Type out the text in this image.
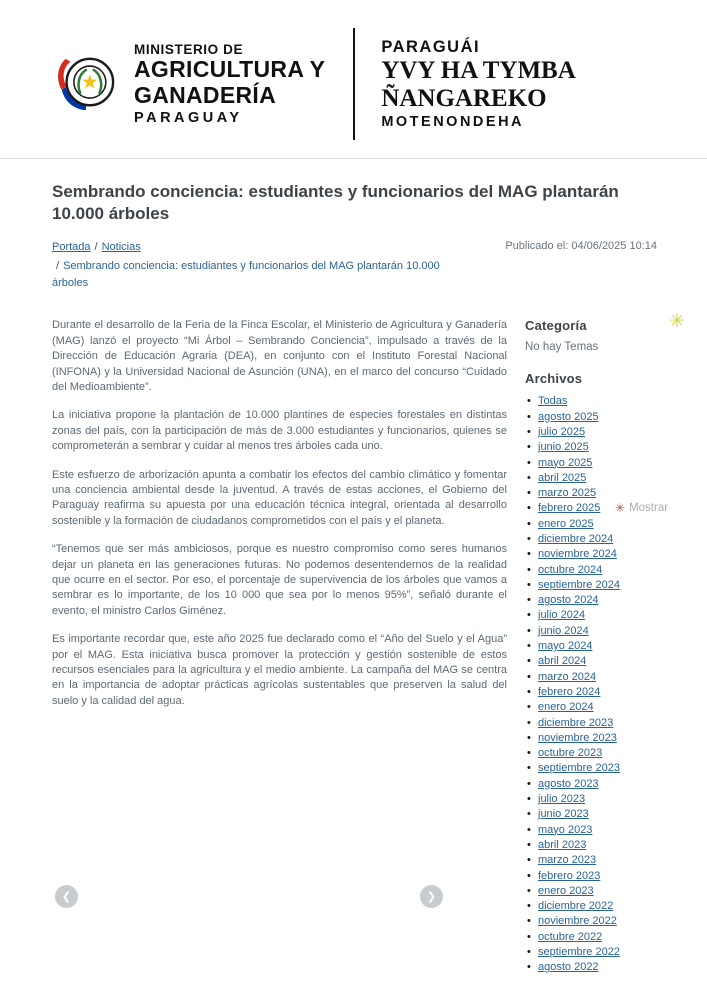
MINISTERIO DE
AGRICULTURA Y
GANADERÍA
PARAGUAY
PARAGUÁI
YVY HA TYMBA
ÑANGAREKO
MOTENONDEHA
Sembrando conciencia: estudiantes y funcionarios del MAG plantarán 10.000 árboles
Portada / Noticias
/ Sembrando conciencia: estudiantes y funcionarios del MAG plantarán 10.000 árboles
Publicado el: 04/06/2025 10:14

Durante el desarrollo de la Feria de la Finca Escolar, el Ministerio de Agricultura y Ganadería (MAG) lanzó el proyecto “Mi Árbol – Sembrando Conciencia”, impulsado a través de la Dirección de Educación Agraria (DEA), en conjunto con el Instituto Forestal Nacional (INFONA) y la Universidad Nacional de Asunción (UNA), en el marco del concurso “Cuidado del Medioambiente”.

La iniciativa propone la plantación de 10.000 plantines de especies forestales en distintas zonas del país, con la participación de más de 3.000 estudiantes y funcionarios, quienes se comprometerán a sembrar y cuidar al menos tres árboles cada uno.

Este esfuerzo de arborización apunta a combatir los efectos del cambio climático y fomentar una conciencia ambiental desde la juventud. A través de estas acciones, el Gobierno del Paraguay reafirma su apuesta por una educación técnica integral, orientada al desarrollo sostenible y la formación de ciudadanos comprometidos con el país y el planeta.

“Tenemos que ser más ambiciosos, porque es nuestro compromiso como seres humanos dejar un planeta en las generaciones futuras. No podemos desentendernos de la realidad que ocurre en el sector. Por eso, el porcentaje de supervivencia de los árboles que vamos a sembrar es lo importante, de los 10 000 que sea por lo menos 95%”, señaló durante el evento, el ministro Carlos Giménez.

Es importante recordar que, este año 2025 fue declarado como el “Año del Suelo y el Agua” por el MAG. Esta iniciativa busca promover la protección y gestión sostenible de estos recursos esenciales para la agricultura y el medio ambiente. La campaña del MAG se centra en la importancia de adoptar prácticas agrícolas sustentables que preserven la salud del suelo y la calidad del agua.

Categoría
No hay Temas
Archivos
• Todas
• agosto 2025
• julio 2025
• junio 2025
• mayo 2025
• abril 2025
• marzo 2025
• febrero 2025
• enero 2025
• diciembre 2024
• noviembre 2024
• octubre 2024
• septiembre 2024
• agosto 2024
• julio 2024
• junio 2024
• mayo 2024
• abril 2024
• marzo 2024
• febrero 2024
• enero 2024
• diciembre 2023
• noviembre 2023
• octubre 2023
• septiembre 2023
• agosto 2023
• julio 2023
• junio 2023
• mayo 2023
• abril 2023
• marzo 2023
• febrero 2023
• enero 2023
• diciembre 2022
• noviembre 2022
• octubre 2022
• septiembre 2022
• agosto 2022
✳
✳ Mostrar
❮	❯
